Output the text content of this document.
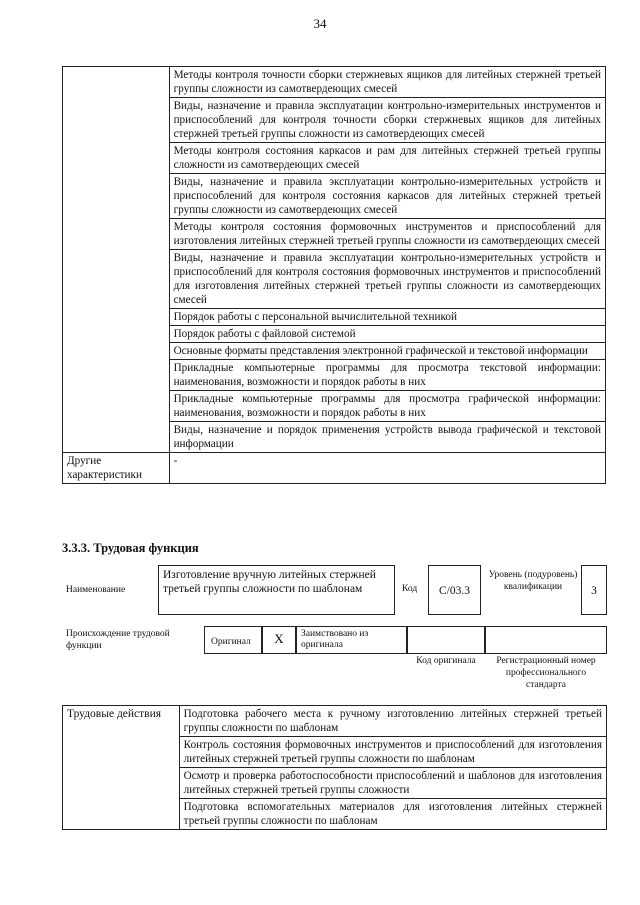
34
	Методы контроля точности сборки стержневых ящиков для литейных стержней третьей группы сложности из самотвердеющих смесей
	Виды, назначение и правила эксплуатации контрольно-измерительных инструментов и приспособлений для контроля точности сборки стержневых ящиков для литейных стержней третьей группы сложности из самотвердеющих смесей
	Методы контроля состояния каркасов и рам для литейных стержней третьей группы сложности из самотвердеющих смесей
	Виды, назначение и правила эксплуатации контрольно-измерительных устройств и приспособлений для контроля состояния каркасов для литейных стержней третьей группы сложности из самотвердеющих смесей
	Методы контроля состояния формовочных инструментов и приспособлений для изготовления литейных стержней третьей группы сложности из самотвердеющих смесей
	Виды, назначение и правила эксплуатации контрольно-измерительных устройств и приспособлений для контроля состояния формовочных инструментов и приспособлений для изготовления литейных стержней третьей группы сложности из самотвердеющих смесей
	Порядок работы с персональной вычислительной техникой
	Порядок работы с файловой системой
	Основные форматы представления электронной графической и текстовой информации
	Прикладные компьютерные программы для просмотра текстовой информации: наименования, возможности и порядок работы в них
	Прикладные компьютерные программы для просмотра графической информации: наименования, возможности и порядок работы в них
	Виды, назначение и порядок применения устройств вывода графической и текстовой информации
Другие характеристики	-
3.3.3. Трудовая функция
Наименование
Изготовление вручную литейных стержней третьей группы сложности по шаблонам	Код	С/03.3
Уровень (подуровень) квалификации	3
Происхождение трудовой функции	Оригинал	X	Заимствовано из оригинала
Код оригинала	Регистрационный номер профессионального стандарта
Трудовые действия	Подготовка рабочего места к ручному изготовлению литейных стержней третьей группы сложности по шаблонам
Контроль состояния формовочных инструментов и приспособлений для изготовления литейных стержней третьей группы сложности по шаблонам
Осмотр и проверка работоспособности приспособлений и шаблонов для изготовления литейных стержней третьей группы сложности
Подготовка вспомогательных материалов для изготовления литейных стержней третьей группы сложности по шаблонам
